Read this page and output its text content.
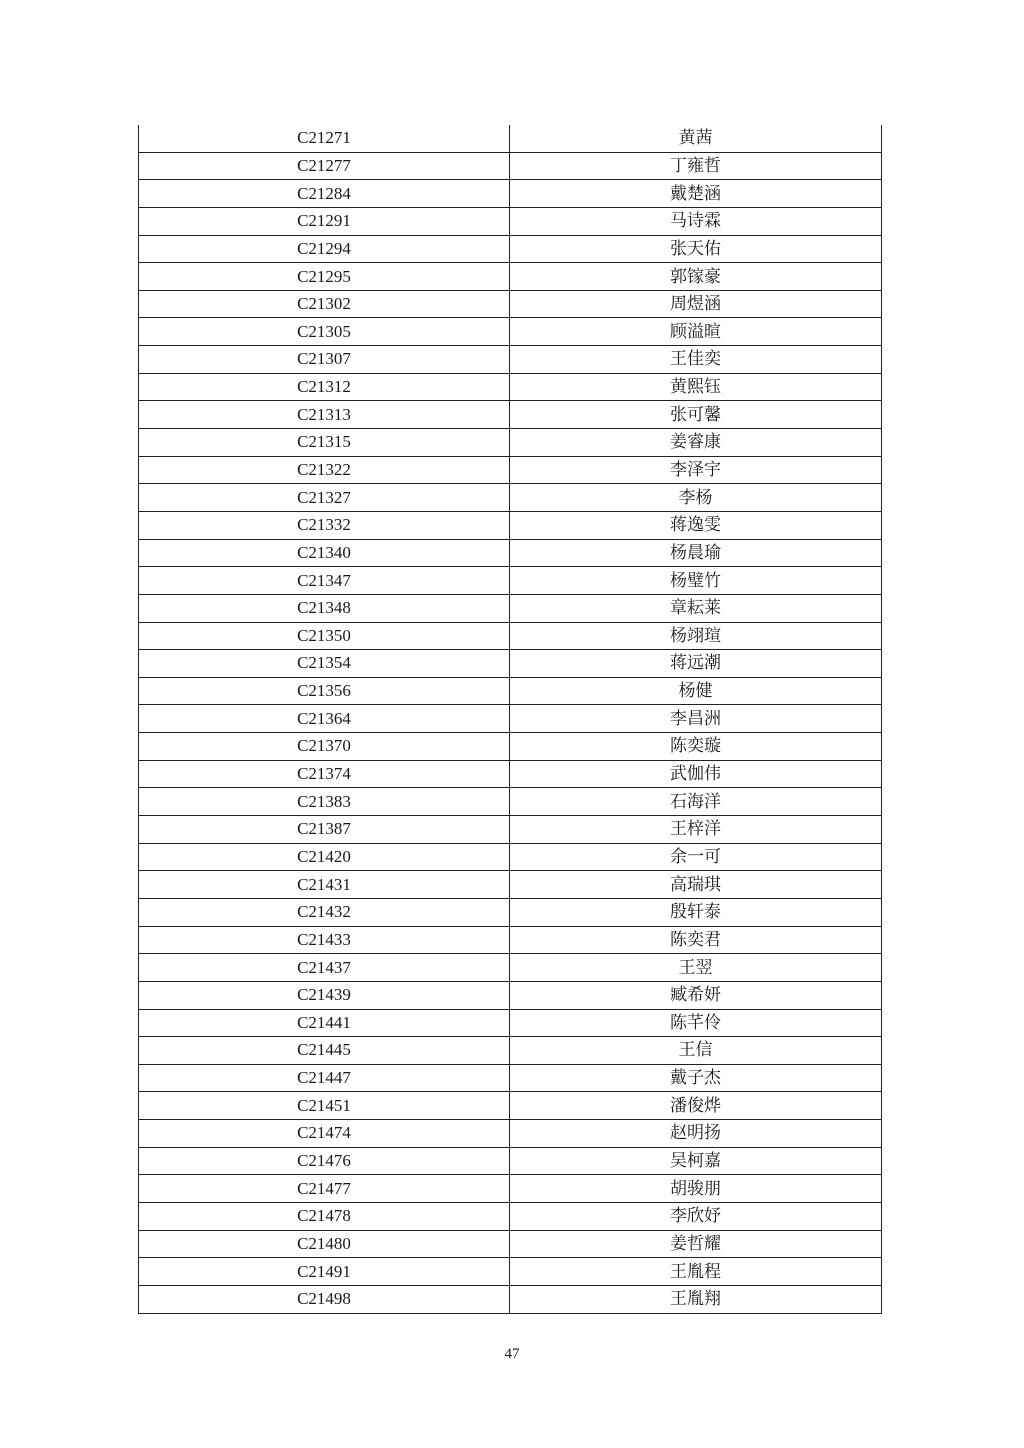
C21271	黄茜
C21277	丁雍哲
C21284	戴楚涵
C21291	马诗霖
C21294	张天佑
C21295	郭镓豪
C21302	周煜涵
C21305	顾溢暄
C21307	王佳奕
C21312	黄熙钰
C21313	张可馨
C21315	姜睿康
C21322	李泽宇
C21327	李杨
C21332	蒋逸雯
C21340	杨晨瑜
C21347	杨璧竹
C21348	章耘莱
C21350	杨翊瑄
C21354	蒋远潮
C21356	杨健
C21364	李昌洲
C21370	陈奕璇
C21374	武伽伟
C21383	石海洋
C21387	王梓洋
C21420	余一可
C21431	高瑞琪
C21432	殷轩泰
C21433	陈奕君
C21437	王翌
C21439	臧希妍
C21441	陈芊伶
C21445	王信
C21447	戴子杰
C21451	潘俊烨
C21474	赵明扬
C21476	吴柯嘉
C21477	胡骏朋
C21478	李欣妤
C21480	姜哲耀
C21491	王胤程
C21498	王胤翔
47
